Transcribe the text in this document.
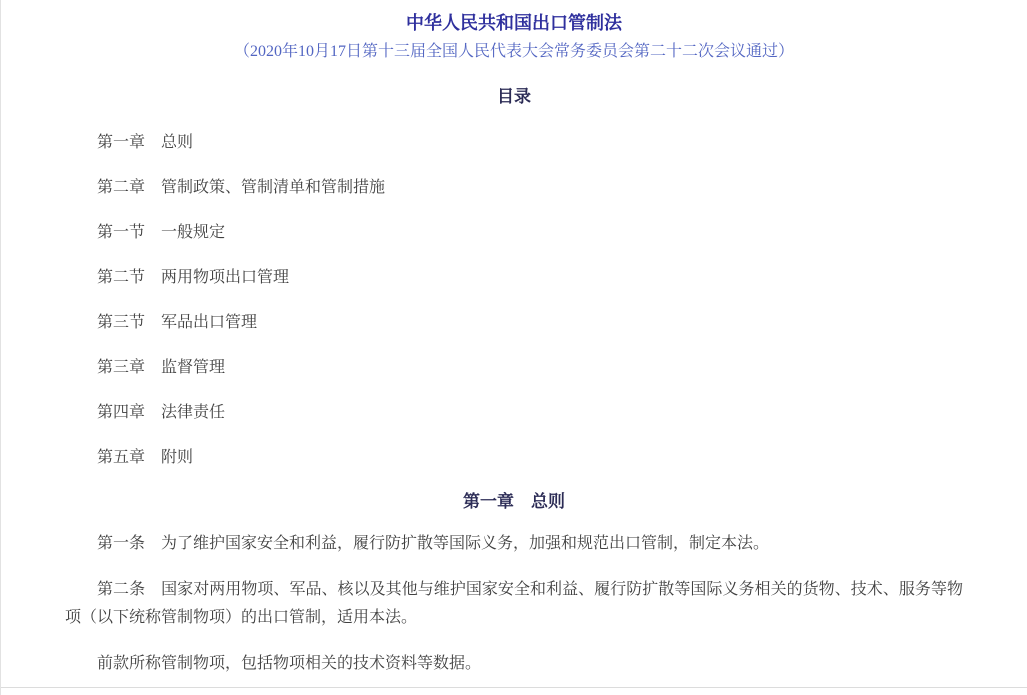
中华人民共和国出口管制法

（2020年10月17日第十三届全国人民代表大会常务委员会第二十二次会议通过）

目录

第一章　总则

第二章　管制政策、管制清单和管制措施

第一节　一般规定

第二节　两用物项出口管理

第三节　军品出口管理

第三章　监督管理

第四章　法律责任

第五章　附则

第一章　总则

第一条　为了维护国家安全和利益，履行防扩散等国际义务，加强和规范出口管制，制定本法。

第二条　国家对两用物项、军品、核以及其他与维护国家安全和利益、履行防扩散等国际义务相关的货物、技术、服务等物项（以下统称管制物项）的出口管制，适用本法。

前款所称管制物项，包括物项相关的技术资料等数据。
